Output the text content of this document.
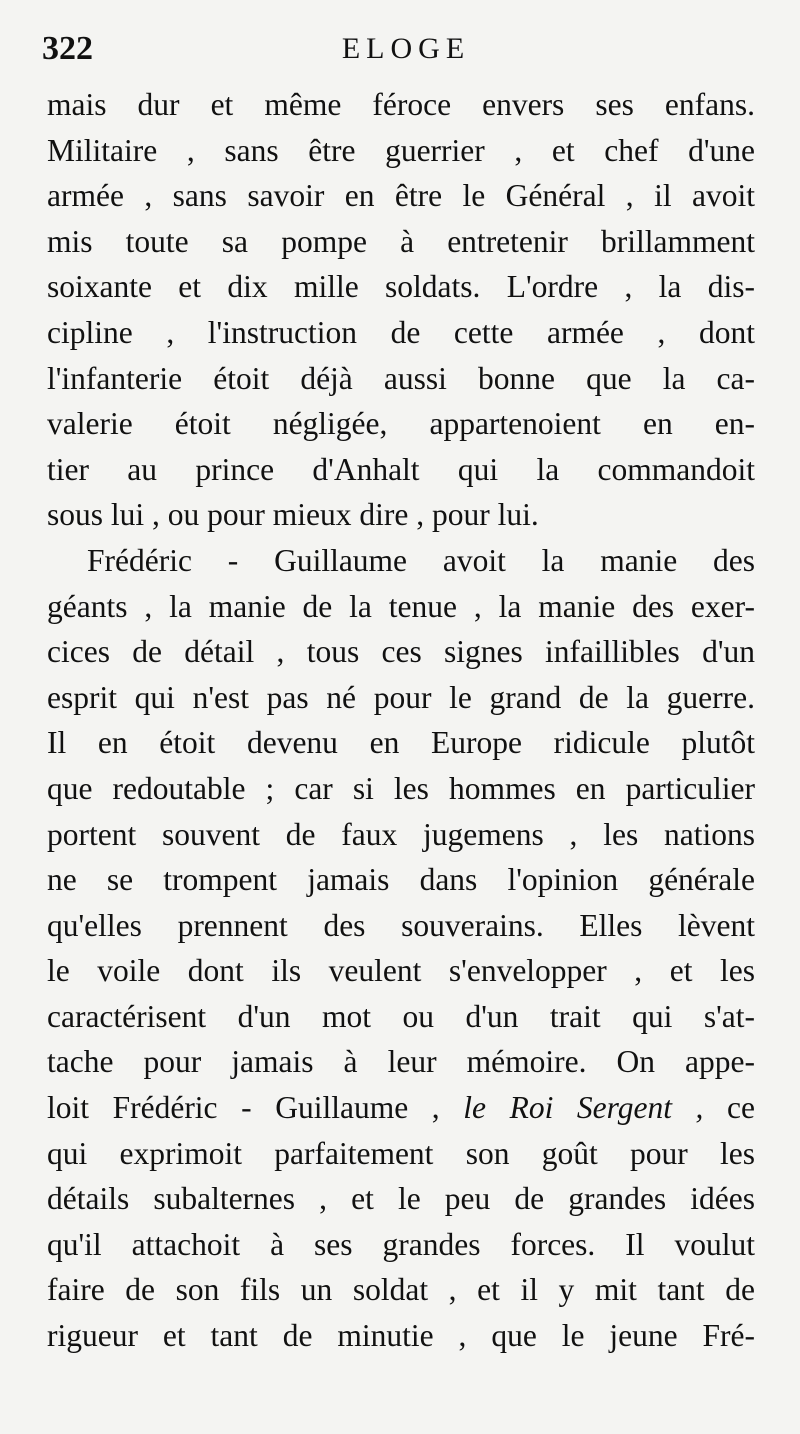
322	ELOGE
mais dur et même féroce envers ses enfans.
Militaire , sans être guerrier , et chef d'une
armée , sans savoir en être le Général , il avoit
mis toute sa pompe à entretenir brillamment
soixante et dix mille soldats. L'ordre , la dis-
cipline , l'instruction de cette armée , dont
l'infanterie étoit déjà aussi bonne que la ca-
valerie étoit négligée, appartenoient en en-
tier au prince d'Anhalt qui la commandoit
sous lui , ou pour mieux dire , pour lui.
Frédéric - Guillaume avoit la manie des
géants , la manie de la tenue , la manie des exer-
cices de détail , tous ces signes infaillibles d'un
esprit qui n'est pas né pour le grand de la guerre.
Il en étoit devenu en Europe ridicule plutôt
que redoutable ; car si les hommes en particulier
portent souvent de faux jugemens , les nations
ne se trompent jamais dans l'opinion générale
qu'elles prennent des souverains. Elles lèvent
le voile dont ils veulent s'envelopper , et les
caractérisent d'un mot ou d'un trait qui s'at-
tache pour jamais à leur mémoire. On appe-
loit Frédéric - Guillaume , le Roi Sergent , ce
qui exprimoit parfaitement son goût pour les
détails subalternes , et le peu de grandes idées
qu'il attachoit à ses grandes forces. Il voulut
faire de son fils un soldat , et il y mit tant de
rigueur et tant de minutie , que le jeune Fré-
